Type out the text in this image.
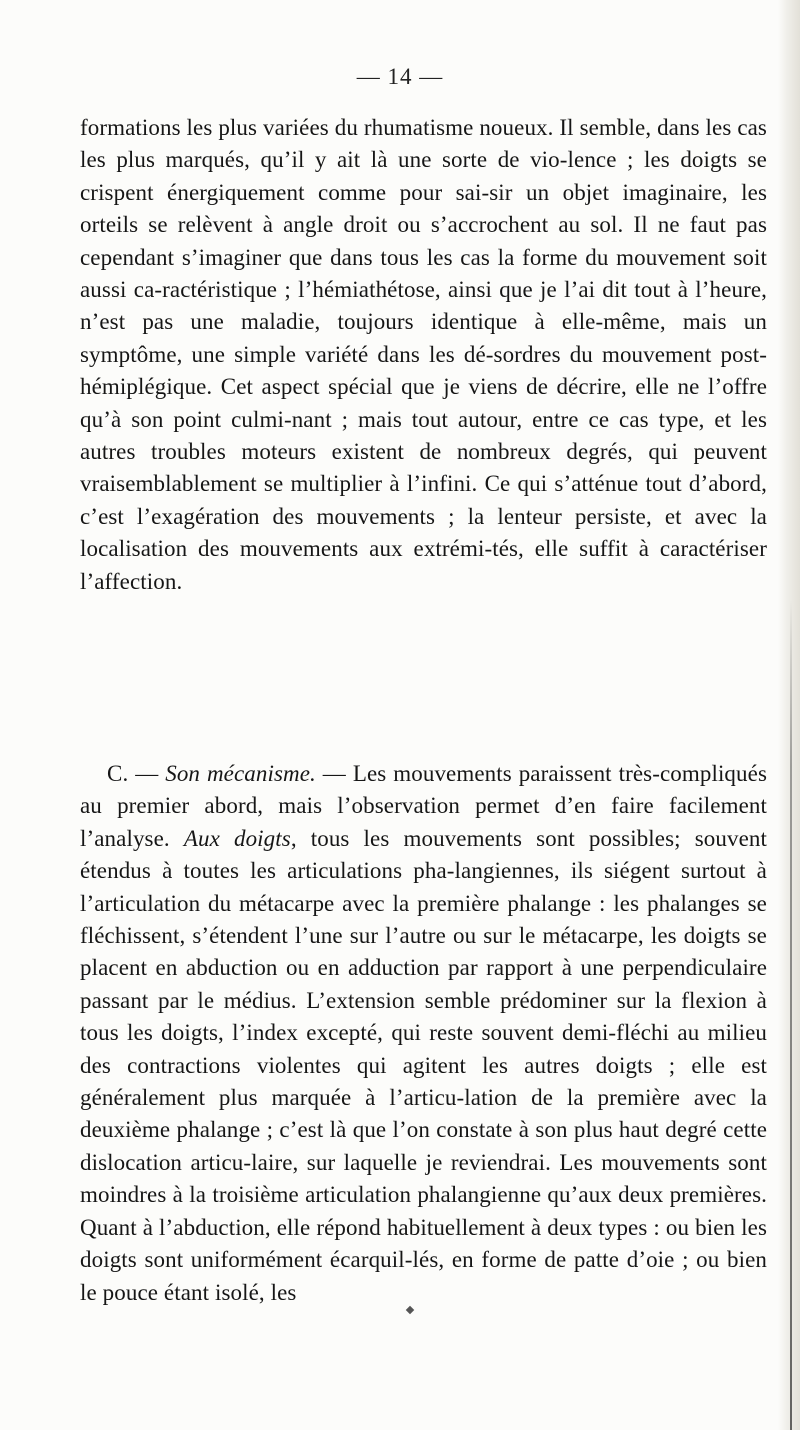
— 14 —

formations les plus variées du rhumatisme noueux. Il semble, dans les cas les plus marqués, qu’il y ait là une sorte de vio-lence ; les doigts se crispent énergiquement comme pour sai-sir un objet imaginaire, les orteils se relèvent à angle droit ou s’accrochent au sol. Il ne faut pas cependant s’imaginer que dans tous les cas la forme du mouvement soit aussi ca-ractéristique ; l’hémiathétose, ainsi que je l’ai dit tout à l’heure, n’est pas une maladie, toujours identique à elle-même, mais un symptôme, une simple variété dans les dé-sordres du mouvement post-hémiplégique. Cet aspect spécial que je viens de décrire, elle ne l’offre qu’à son point culmi-nant ; mais tout autour, entre ce cas type, et les autres troubles moteurs existent de nombreux degrés, qui peuvent vraisemblablement se multiplier à l’infini. Ce qui s’atténue tout d’abord, c’est l’exagération des mouvements ; la lenteur persiste, et avec la localisation des mouvements aux extrémi-tés, elle suffit à caractériser l’affection.

C. — Son mécanisme. — Les mouvements paraissent très-compliqués au premier abord, mais l’observation permet d’en faire facilement l’analyse. Aux doigts, tous les mouvements sont possibles; souvent étendus à toutes les articulations pha-langiennes, ils siégent surtout à l’articulation du métacarpe avec la première phalange : les phalanges se fléchissent, s’étendent l’une sur l’autre ou sur le métacarpe, les doigts se placent en abduction ou en adduction par rapport à une perpendiculaire passant par le médius. L’extension semble prédominer sur la flexion à tous les doigts, l’index excepté, qui reste souvent demi-fléchi au milieu des contractions violentes qui agitent les autres doigts ; elle est généralement plus marquée à l’articu-lation de la première avec la deuxième phalange ; c’est là que l’on constate à son plus haut degré cette dislocation articu-laire, sur laquelle je reviendrai. Les mouvements sont moindres à la troisième articulation phalangienne qu’aux deux premières. Quant à l’abduction, elle répond habituellement à deux types : ou bien les doigts sont uniformément écarquil-lés, en forme de patte d’oie ; ou bien le pouce étant isolé, les
